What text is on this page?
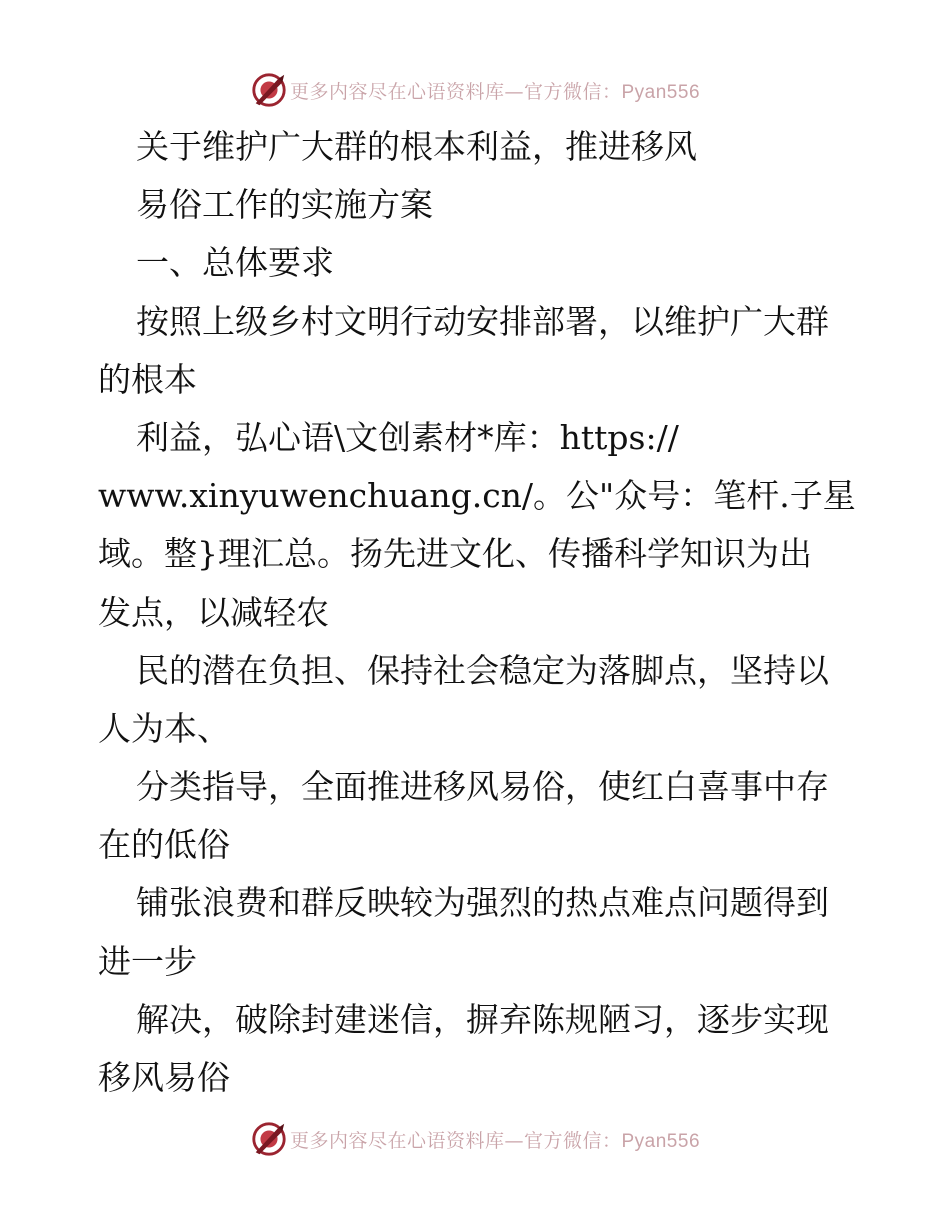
更多内容尽在心语资料库—官方微信：Pyan556
关于维护广大群的根本利益，推进移风
易俗工作的实施方案
一、总体要求
按照上级乡村文明行动安排部署，以维护广大群
的根本
利益，弘心语\文创素材*库：https://
www.xinyuwenchuang.cn/。公"众号：笔杆.子星
域。整}理汇总。扬先进文化、传播科学知识为出
发点，以减轻农
民的潜在负担、保持社会稳定为落脚点，坚持以
人为本、
分类指导，全面推进移风易俗，使红白喜事中存
在的低俗
铺张浪费和群反映较为强烈的热点难点问题得到
进一步
解决，破除封建迷信，摒弃陈规陋习，逐步实现
移风易俗
更多内容尽在心语资料库—官方微信：Pyan556
